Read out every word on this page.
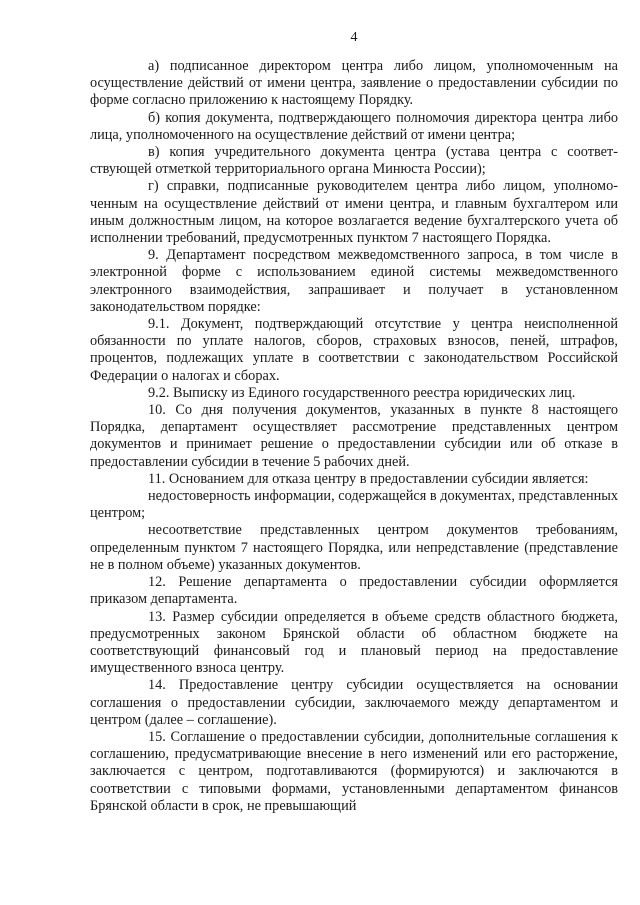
4

а) подписанное директором центра либо лицом, уполномоченным на осуществление действий от имени центра, заявление о предоставлении субсидии по форме согласно приложению к настоящему Порядку.

б) копия документа, подтверждающего полномочия директора центра либо лица, уполномоченного на осуществление действий от имени центра;

в) копия учредительного документа центра (устава центра с соответствующей отметкой территориального органа Минюста России);

г) справки, подписанные руководителем центра либо лицом, уполномоченным на осуществление действий от имени центра, и главным бухгалтером или иным должностным лицом, на которое возлагается ведение бухгалтерского учета об исполнении требований, предусмотренных пунктом 7 настоящего Порядка.

9. Департамент посредством межведомственного запроса, в том числе в электронной форме с использованием единой системы межведомственного электронного взаимодействия, запрашивает и получает в установленном законодательством порядке:

9.1. Документ, подтверждающий отсутствие у центра неисполненной обязанности по уплате налогов, сборов, страховых взносов, пеней, штрафов, процентов, подлежащих уплате в соответствии с законодательством Российской Федерации о налогах и сборах.

9.2. Выписку из Единого государственного реестра юридических лиц.

10. Со дня получения документов, указанных в пункте 8 настоящего Порядка, департамент осуществляет рассмотрение представленных центром документов и принимает решение о предоставлении субсидии или об отказе в предоставлении субсидии в течение 5 рабочих дней.

11. Основанием для отказа центру в предоставлении субсидии является:

недостоверность информации, содержащейся в документах, представленных центром;

несоответствие представленных центром документов требованиям, определенным пунктом 7 настоящего Порядка, или непредставление (представление не в полном объеме) указанных документов.

12. Решение департамента о предоставлении субсидии оформляется приказом департамента.

13. Размер субсидии определяется в объеме средств областного бюджета, предусмотренных законом Брянской области об областном бюджете на соответствующий финансовый год и плановый период на предоставление имущественного взноса центру.

14. Предоставление центру субсидии осуществляется на основании соглашения о предоставлении субсидии, заключаемого между департаментом и центром (далее – соглашение).

15. Соглашение о предоставлении субсидии, дополнительные соглашения к соглашению, предусматривающие внесение в него изменений или его расторжение, заключается с центром, подготавливаются (формируются) и заключаются в соответствии с типовыми формами, установленными департаментом финансов Брянской области в срок, не превышающий
